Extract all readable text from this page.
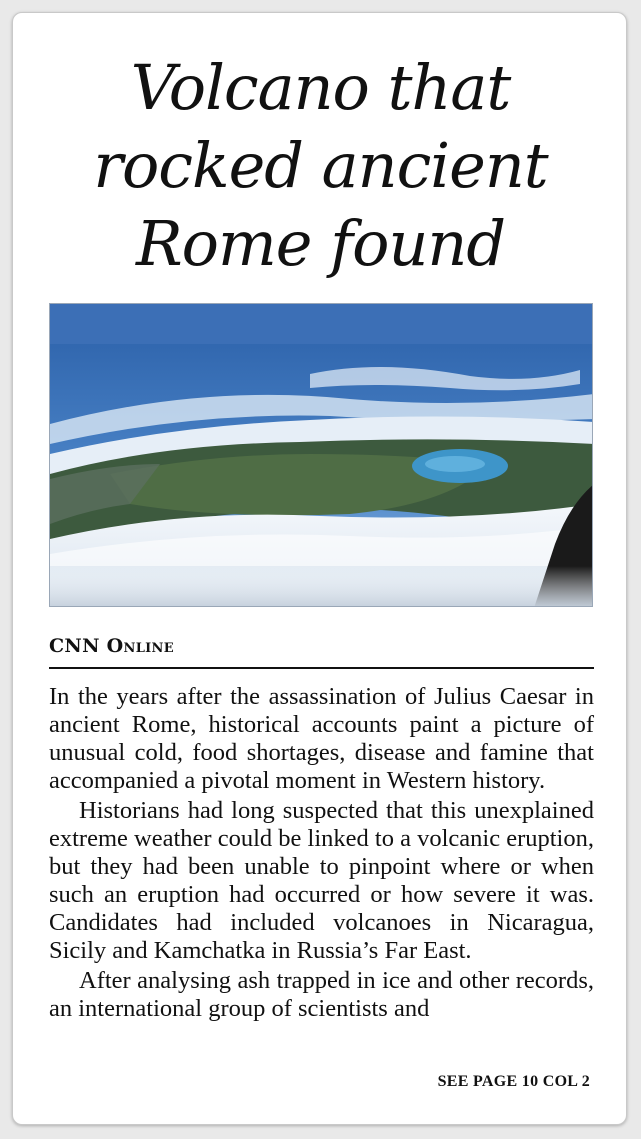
Volcano that
rocked ancient
Rome found
CNN Online

In the years after the assassination of Julius Caesar in ancient Rome, historical accounts paint a picture of unusual cold, food shortages, disease and famine that accompanied a pivotal moment in Western history.

Historians had long suspected that this unexplained extreme weather could be linked to a volcanic eruption, but they had been unable to pinpoint where or when such an eruption had occurred or how severe it was. Candidates had included volcanoes in Nicaragua, Sicily and Kamchatka in Russia’s Far East.

After analysing ash trapped in ice and other records, an international group of scientists and

SEE PAGE 10 COL 2
